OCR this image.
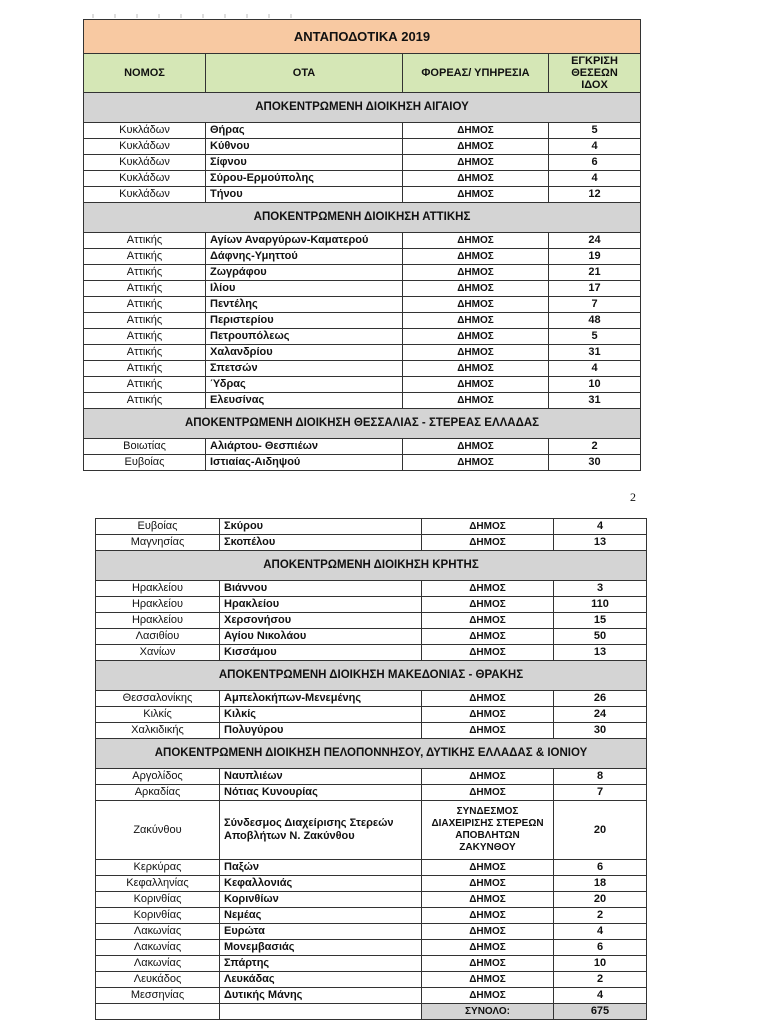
ΑΝΤΑΠΟΔΟΤΙΚΑ 2019			
ΝΟΜΟΣ	ΟΤΑ	ΦΟΡΕΑΣ/ ΥΠΗΡΕΣΙΑ	ΕΓΚΡΙΣΗ ΘΕΣΕΩΝ ΙΔΟΧ
ΑΠΟΚΕΝΤΡΩΜΕΝΗ ΔΙΟΙΚΗΣΗ ΑΙΓΑΙΟΥ			
Κυκλάδων	Θήρας	ΔΗΜΟΣ	5
Κυκλάδων	Κύθνου	ΔΗΜΟΣ	4
Κυκλάδων	Σίφνου	ΔΗΜΟΣ	6
Κυκλάδων	Σύρου-Ερμούπολης	ΔΗΜΟΣ	4
Κυκλάδων	Τήνου	ΔΗΜΟΣ	12
ΑΠΟΚΕΝΤΡΩΜΕΝΗ ΔΙΟΙΚΗΣΗ ΑΤΤΙΚΗΣ			
Αττικής	Αγίων Αναργύρων-Καματερού	ΔΗΜΟΣ	24
Αττικής	Δάφνης-Υμηττού	ΔΗΜΟΣ	19
Αττικής	Ζωγράφου	ΔΗΜΟΣ	21
Αττικής	Ιλίου	ΔΗΜΟΣ	17
Αττικής	Πεντέλης	ΔΗΜΟΣ	7
Αττικής	Περιστερίου	ΔΗΜΟΣ	48
Αττικής	Πετρουπόλεως	ΔΗΜΟΣ	5
Αττικής	Χαλανδρίου	ΔΗΜΟΣ	31
Αττικής	Σπετσών	ΔΗΜΟΣ	4
Αττικής	Ύδρας	ΔΗΜΟΣ	10
Αττικής	Ελευσίνας	ΔΗΜΟΣ	31
ΑΠΟΚΕΝΤΡΩΜΕΝΗ ΔΙΟΙΚΗΣΗ ΘΕΣΣΑΛΙΑΣ - ΣΤΕΡΕΑΣ ΕΛΛΑΔΑΣ			
Βοιωτίας	Αλιάρτου- Θεσπιέων	ΔΗΜΟΣ	2
Ευβοίας	Ιστιαίας-Αιδηψού	ΔΗΜΟΣ	30
2
Ευβοίας	Σκύρου	ΔΗΜΟΣ	4
Μαγνησίας	Σκοπέλου	ΔΗΜΟΣ	13
ΑΠΟΚΕΝΤΡΩΜΕΝΗ ΔΙΟΙΚΗΣΗ ΚΡΗΤΗΣ			
Ηρακλείου	Βιάννου	ΔΗΜΟΣ	3
Ηρακλείου	Ηρακλείου	ΔΗΜΟΣ	110
Ηρακλείου	Χερσονήσου	ΔΗΜΟΣ	15
Λασιθίου	Αγίου Νικολάου	ΔΗΜΟΣ	50
Χανίων	Κισσάμου	ΔΗΜΟΣ	13
ΑΠΟΚΕΝΤΡΩΜΕΝΗ ΔΙΟΙΚΗΣΗ ΜΑΚΕΔΟΝΙΑΣ - ΘΡΑΚΗΣ			
Θεσσαλονίκης	Αμπελοκήπων-Μενεμένης	ΔΗΜΟΣ	26
Κιλκίς	Κιλκίς	ΔΗΜΟΣ	24
Χαλκιδικής	Πολυγύρου	ΔΗΜΟΣ	30
ΑΠΟΚΕΝΤΡΩΜΕΝΗ ΔΙΟΙΚΗΣΗ ΠΕΛΟΠΟΝΝΗΣΟΥ, ΔΥΤΙΚΗΣ ΕΛΛΑΔΑΣ & ΙΟΝΙΟΥ			
Αργολίδος	Ναυπλιέων	ΔΗΜΟΣ	8
Αρκαδίας	Νότιας Κυνουρίας	ΔΗΜΟΣ	7
Ζακύνθου	Σύνδεσμος Διαχείρισης Στερεών Αποβλήτων Ν. Ζακύνθου	ΣΥΝΔΕΣΜΟΣ ΔΙΑΧΕΙΡΙΣΗΣ ΣΤΕΡΕΩΝ ΑΠΟΒΛΗΤΩΝ ΖΑΚΥΝΘΟΥ	20
Κερκύρας	Παξών	ΔΗΜΟΣ	6
Κεφαλληνίας	Κεφαλλονιάς	ΔΗΜΟΣ	18
Κορινθίας	Κορινθίων	ΔΗΜΟΣ	20
Κορινθίας	Νεμέας	ΔΗΜΟΣ	2
Λακωνίας	Ευρώτα	ΔΗΜΟΣ	4
Λακωνίας	Μονεμβασιάς	ΔΗΜΟΣ	6
Λακωνίας	Σπάρτης	ΔΗΜΟΣ	10
Λευκάδος	Λευκάδας	ΔΗΜΟΣ	2
Μεσσηνίας	Δυτικής Μάνης	ΔΗΜΟΣ	4
		ΣΥΝΟΛΟ:	675
